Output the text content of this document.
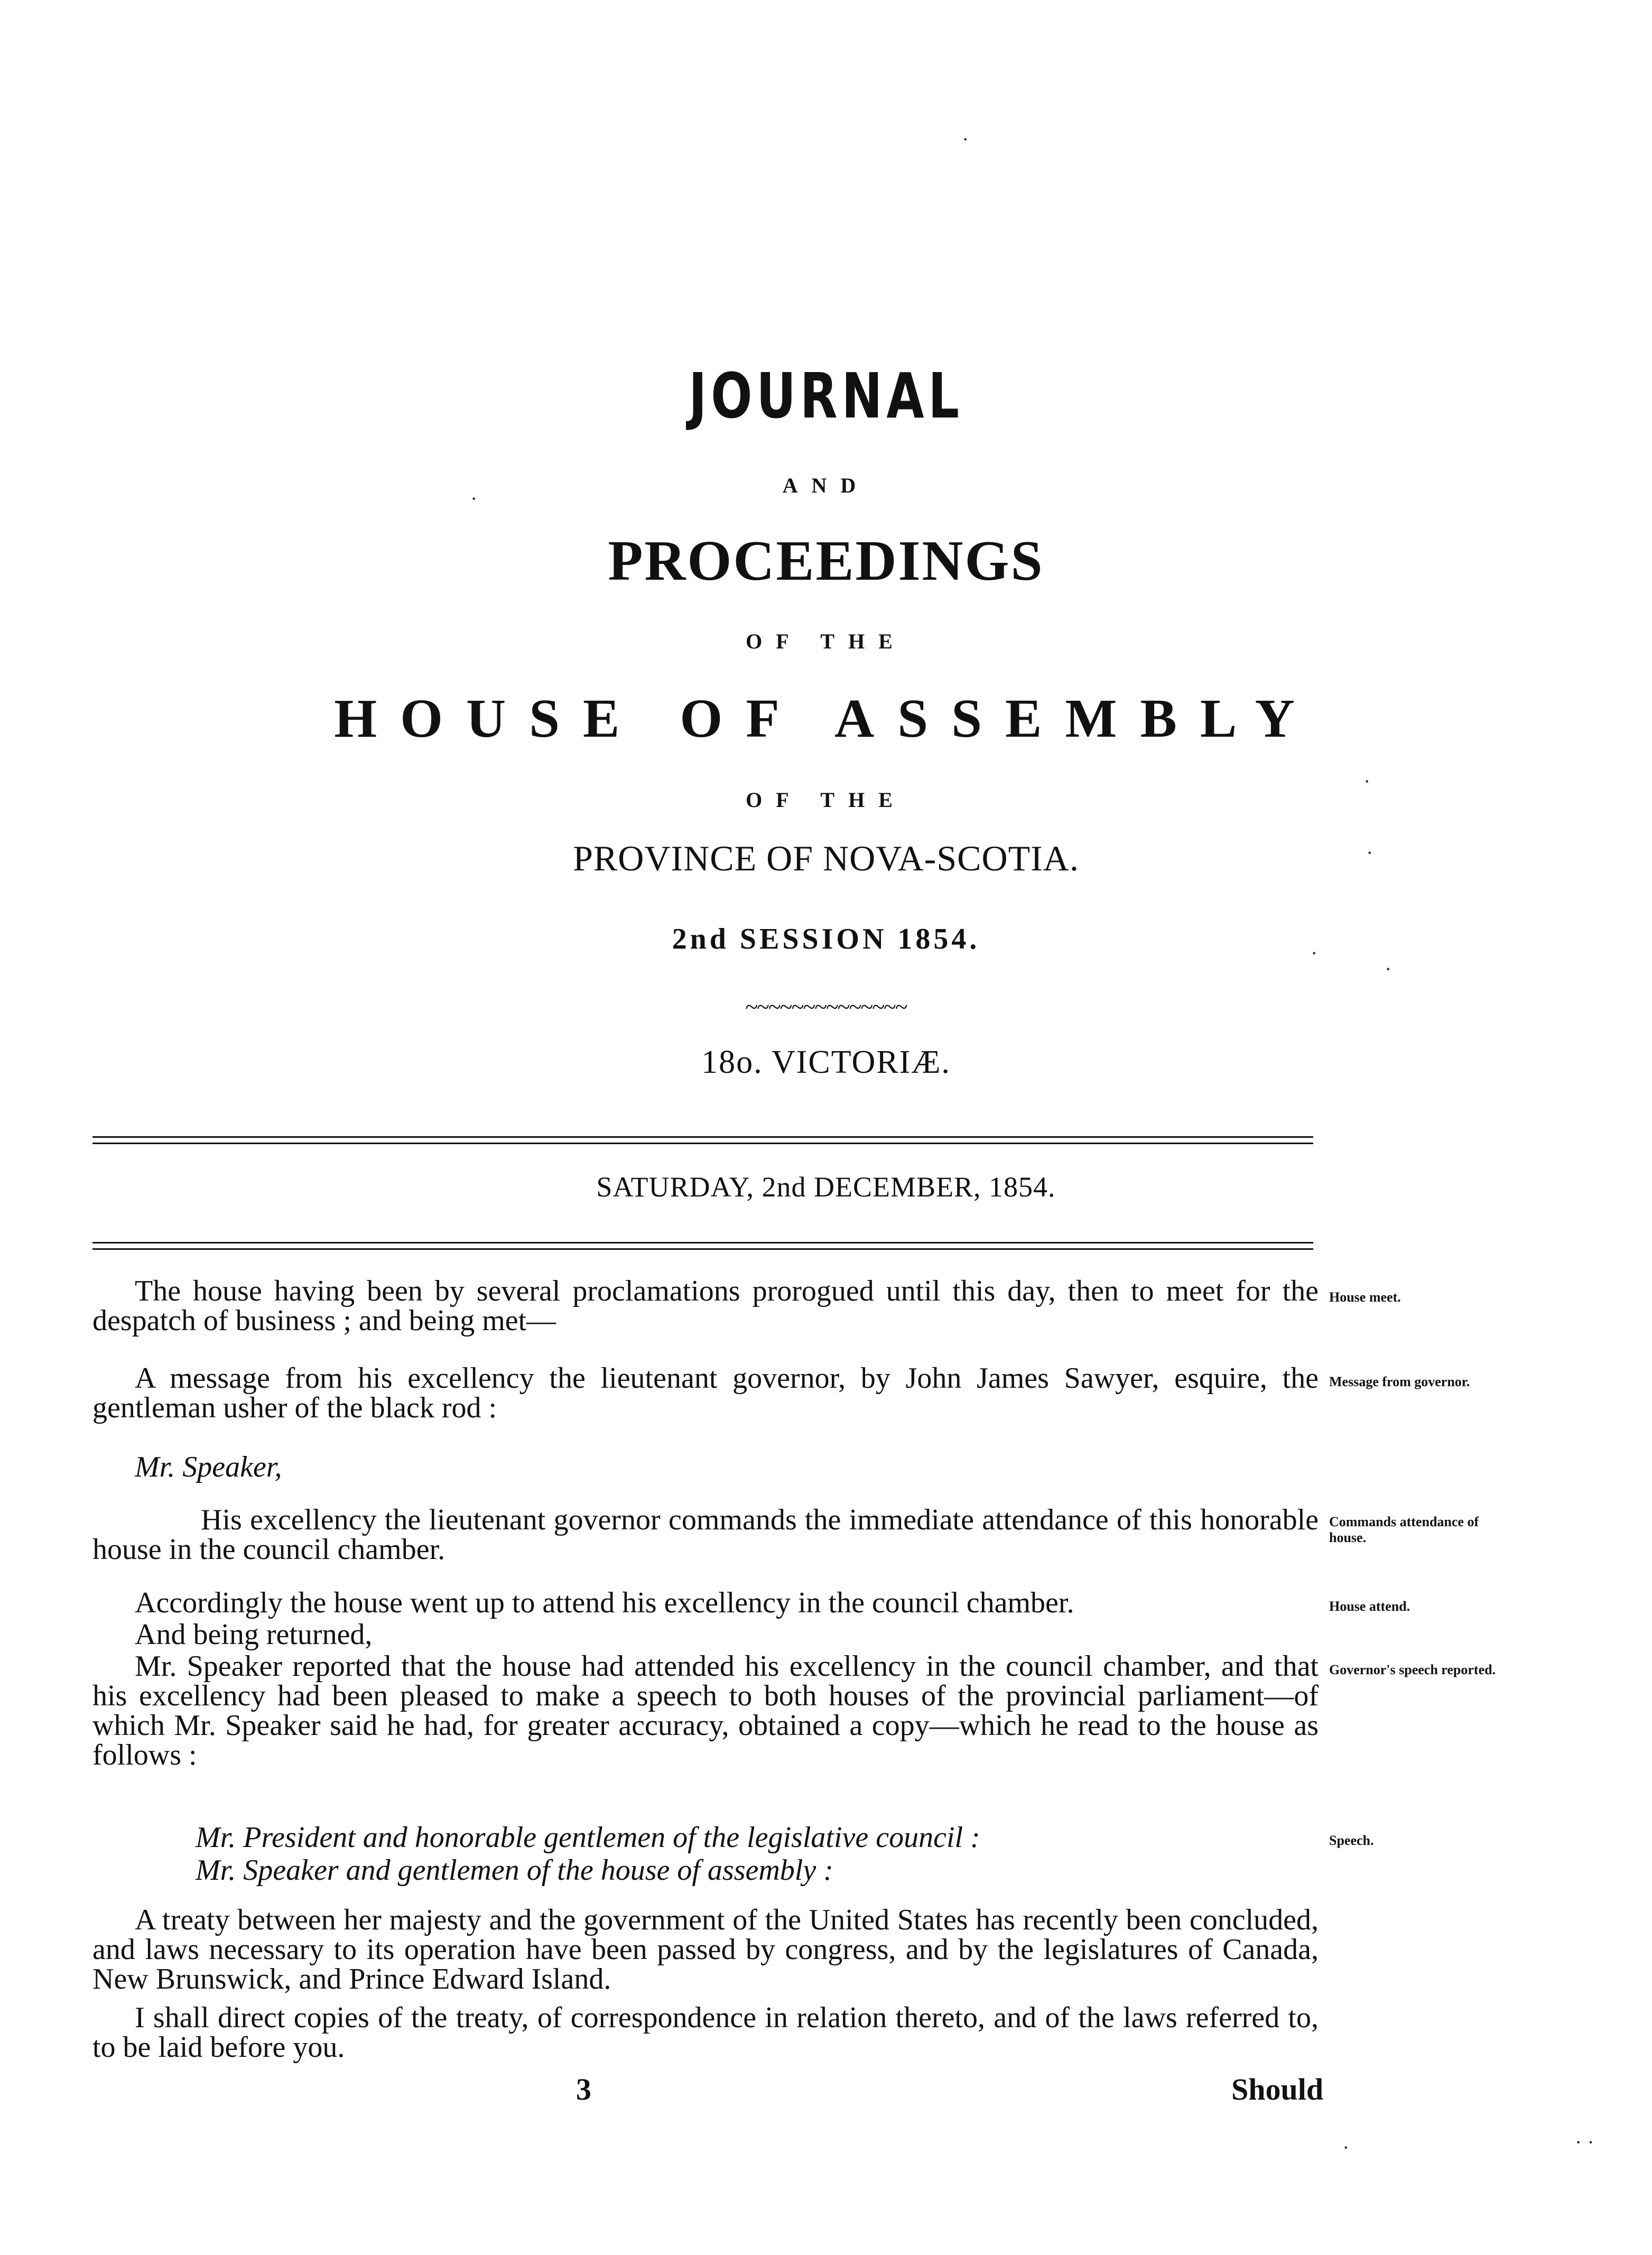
JOURNAL
AND
PROCEEDINGS
OF THE
HOUSE OF ASSEMBLY
OF THE
PROVINCE OF NOVA-SCOTIA.
2nd SESSION 1854.
~~~~~~~~~~~~~~
18o. VICTORIÆ.
SATURDAY, 2nd DECEMBER, 1854.
The house having been by several proclamations prorogued until this day, then to meet for the despatch of business ; and being met—
A message from his excellency the lieutenant governor, by John James Sawyer, esquire, the gentleman usher of the black rod :
Mr. Speaker,
His excellency the lieutenant governor commands the immediate attendance of this honorable house in the council chamber.
Accordingly the house went up to attend his excellency in the council chamber.
And being returned,
Mr. Speaker reported that the house had attended his excellency in the council chamber, and that his excellency had been pleased to make a speech to both houses of the provincial parliament—of which Mr. Speaker said he had, for greater accuracy, obtained a copy—which he read to the house as follows :
Mr. President and honorable gentlemen of the legislative council :
Mr. Speaker and gentlemen of the house of assembly :
A treaty between her majesty and the government of the United States has recently been concluded, and laws necessary to its operation have been passed by congress, and by the legislatures of Canada, New Brunswick, and Prince Edward Island.
I shall direct copies of the treaty, of correspondence in relation thereto, and of the laws referred to, to be laid before you.
House meet.
Message from governor.
Commands attendance of house.
House attend.
Governor's speech reported.
Speech.
3	Should
·
·
·
·
·
·
·	· ·
